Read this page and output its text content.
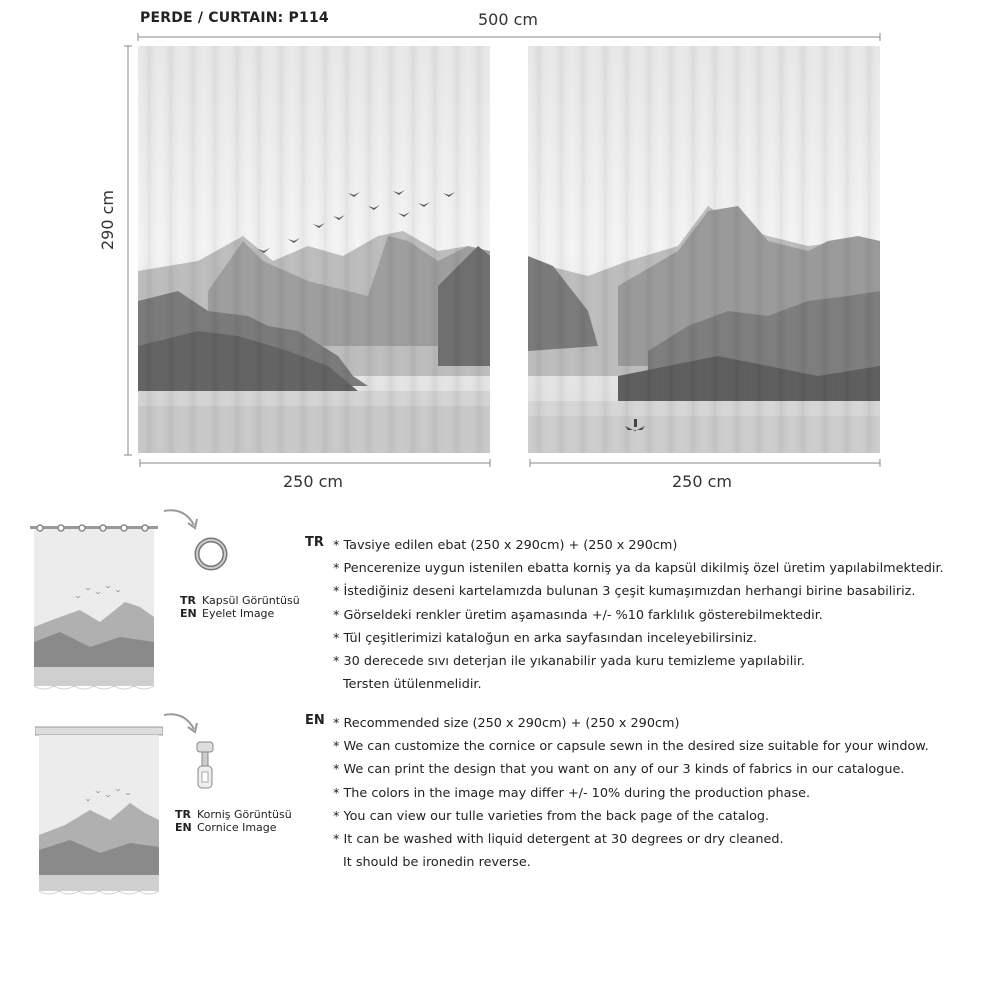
PERDE / CURTAIN: P114	500 cm
290 cm
250 cm	250 cm
TR Kapsül Görüntüsü
EN Eyelet Image
TR Korniş Görüntüsü
EN Cornice Image
TR * Tavsiye edilen ebat (250 x 290cm) + (250 x 290cm)
* Pencerenize uygun istenilen ebatta korniş ya da kapsül dikilmiş özel üretim yapılabilmektedir.
* İstediğiniz deseni kartelamızda bulunan 3 çeşit kumaşımızdan herhangi birine basabiliriz.
* Görseldeki renkler üretim aşamasında +/- %10 farklılık gösterebilmektedir.
* Tül çeşitlerimizi kataloğun en arka sayfasından inceleyebilirsiniz.
* 30 derecede sıvı deterjan ile yıkanabilir yada kuru temizleme yapılabilir.
Tersten ütülenmelidir.
EN * Recommended size (250 x 290cm) + (250 x 290cm)
* We can customize the cornice or capsule sewn in the desired size suitable for your window.
* We can print the design that you want on any of our 3 kinds of fabrics in our catalogue.
* The colors in the image may differ +/- 10% during the production phase.
* You can view our tulle varieties from the back page of the catalog.
* It can be washed with liquid detergent at 30 degrees or dry cleaned.
It should be ironedin reverse.
